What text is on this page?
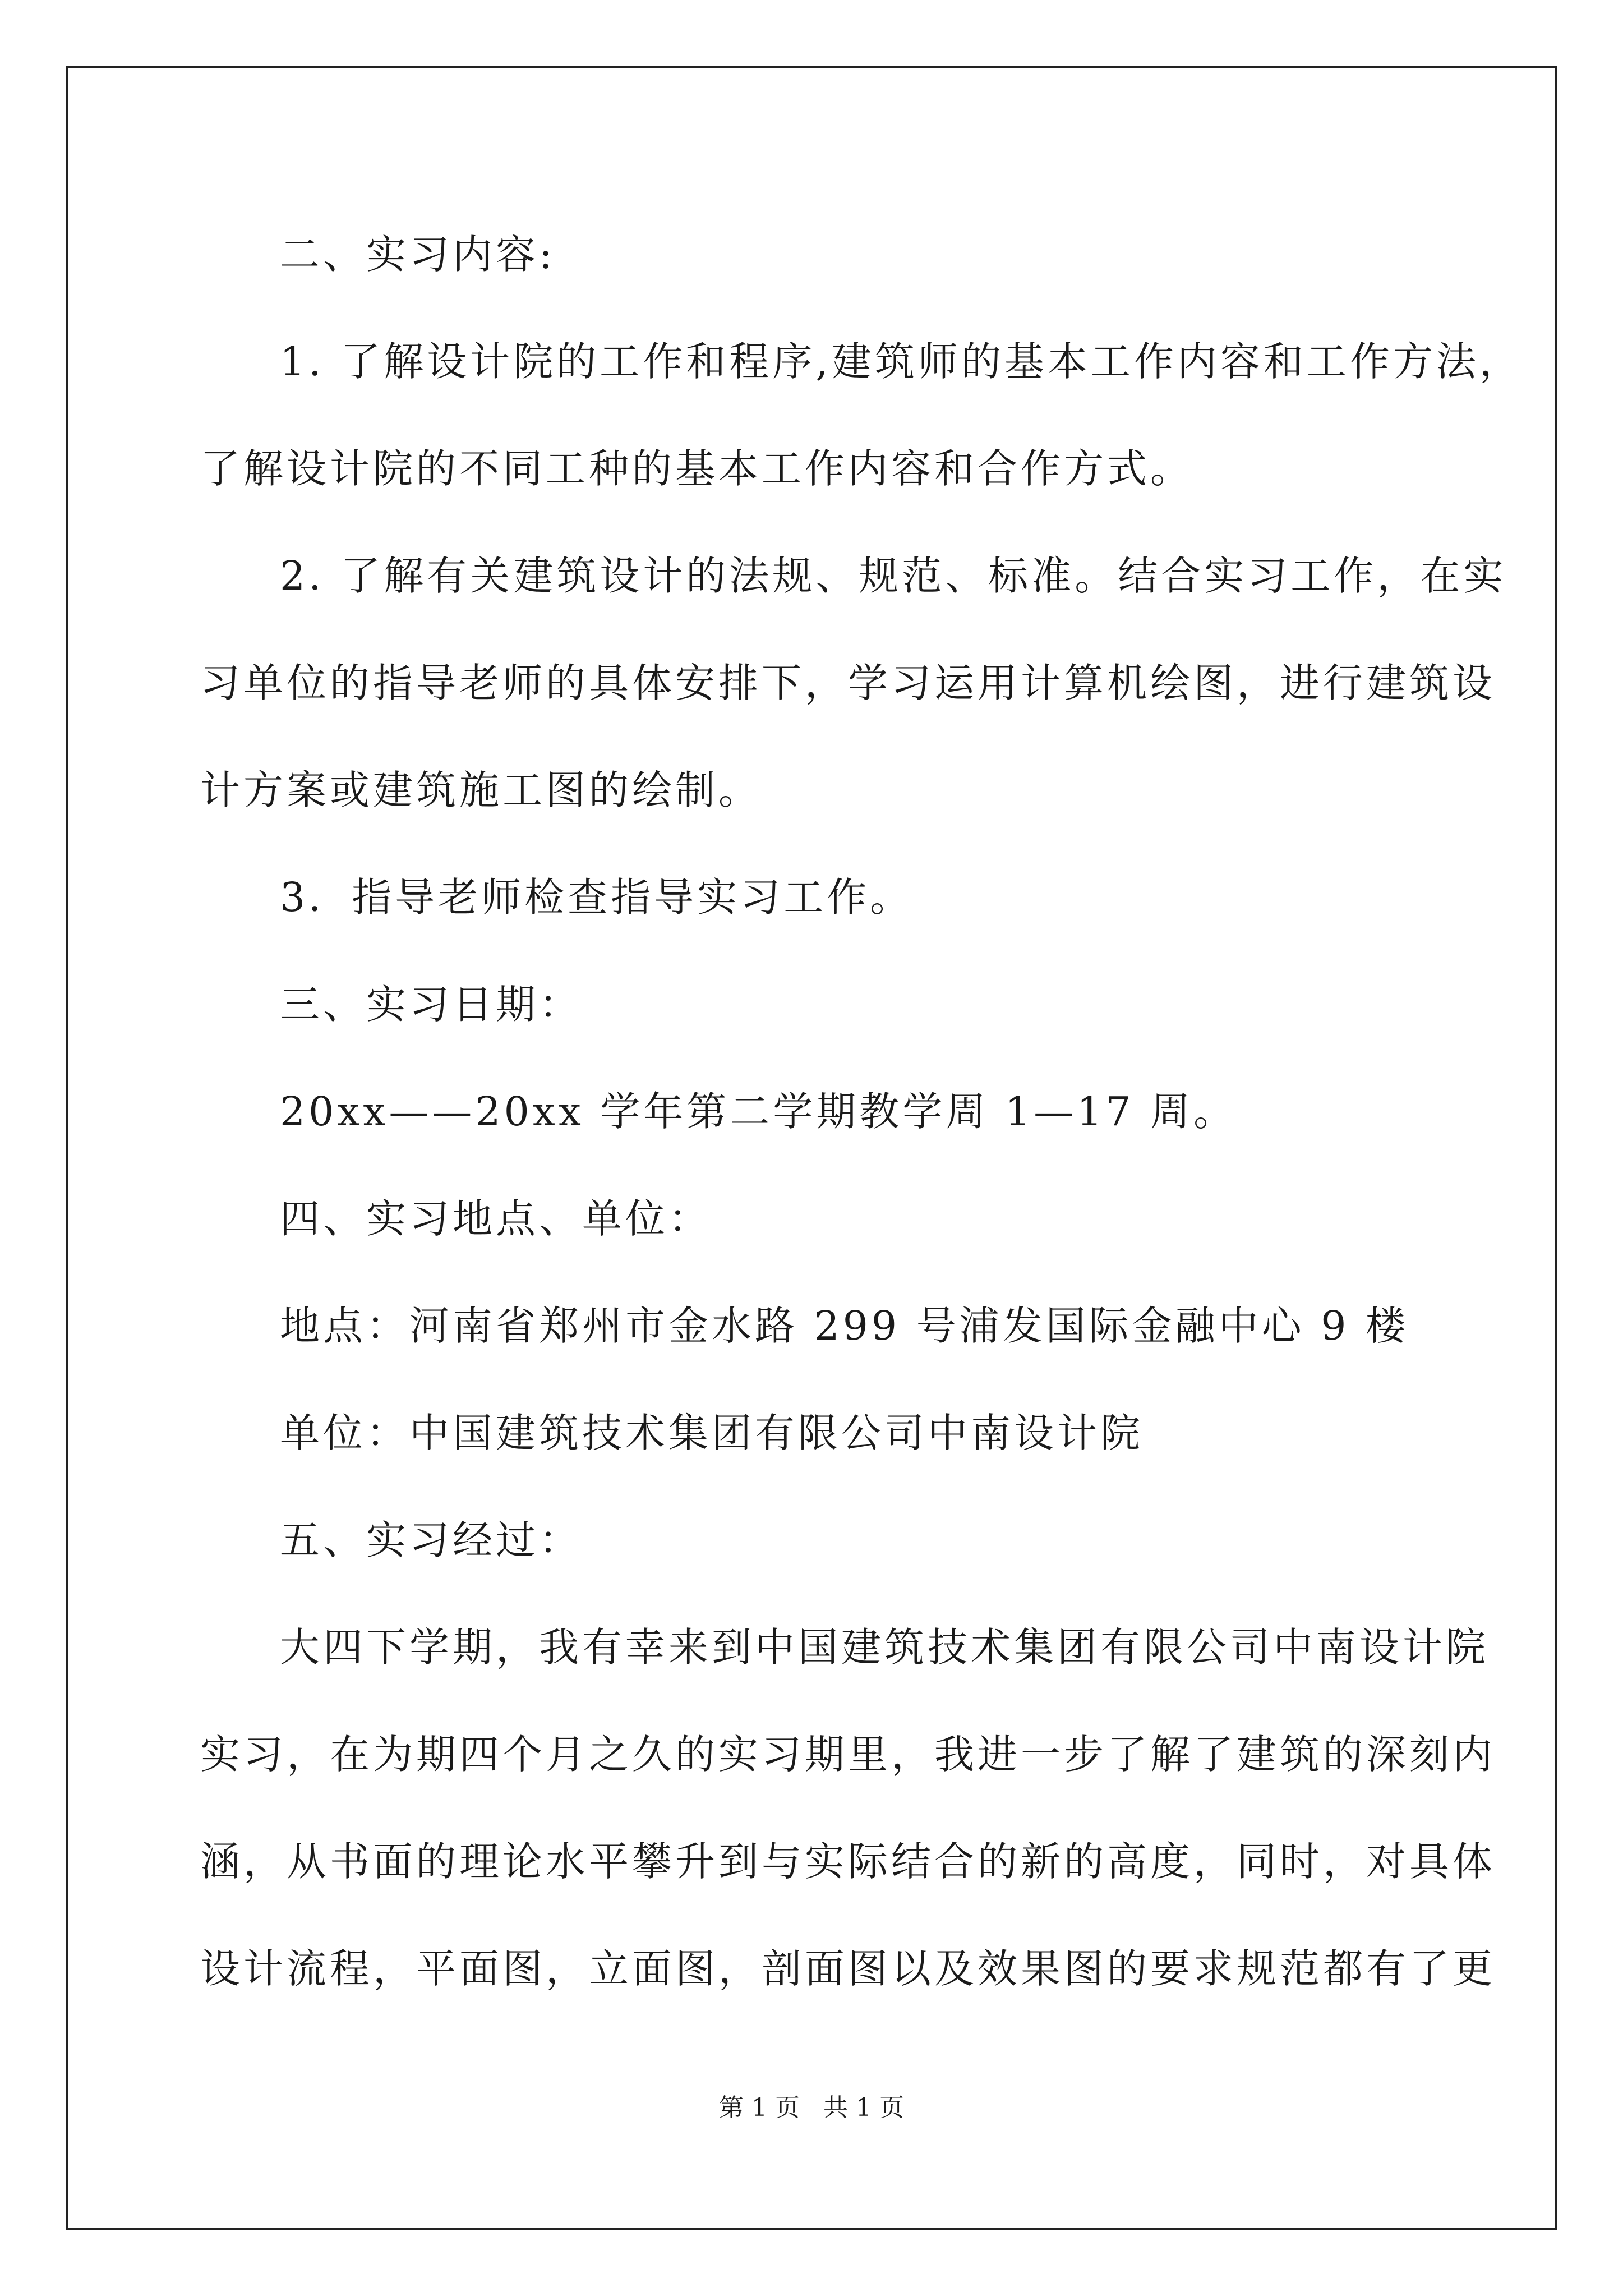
二、实习内容:
1. 了解设计院的工作和程序,建筑师的基本工作内容和工作方法，
了解设计院的不同工种的基本工作内容和合作方式。
2. 了解有关建筑设计的法规、规范、标准。结合实习工作，在实
习单位的指导老师的具体安排下，学习运用计算机绘图，进行建筑设
计方案或建筑施工图的绘制。
3．指导老师检查指导实习工作。
三、实习日期：
20xx——20xx 学年第二学期教学周 1—17 周。
四、实习地点、单位：
地点：河南省郑州市金水路 299 号浦发国际金融中心 9 楼
单位：中国建筑技术集团有限公司中南设计院
五、实习经过：
大四下学期，我有幸来到中国建筑技术集团有限公司中南设计院
实习，在为期四个月之久的实习期里，我进一步了解了建筑的深刻内
涵，从书面的理论水平攀升到与实际结合的新的高度，同时，对具体
设计流程，平面图，立面图，剖面图以及效果图的要求规范都有了更
第 1 页   共 1 页
